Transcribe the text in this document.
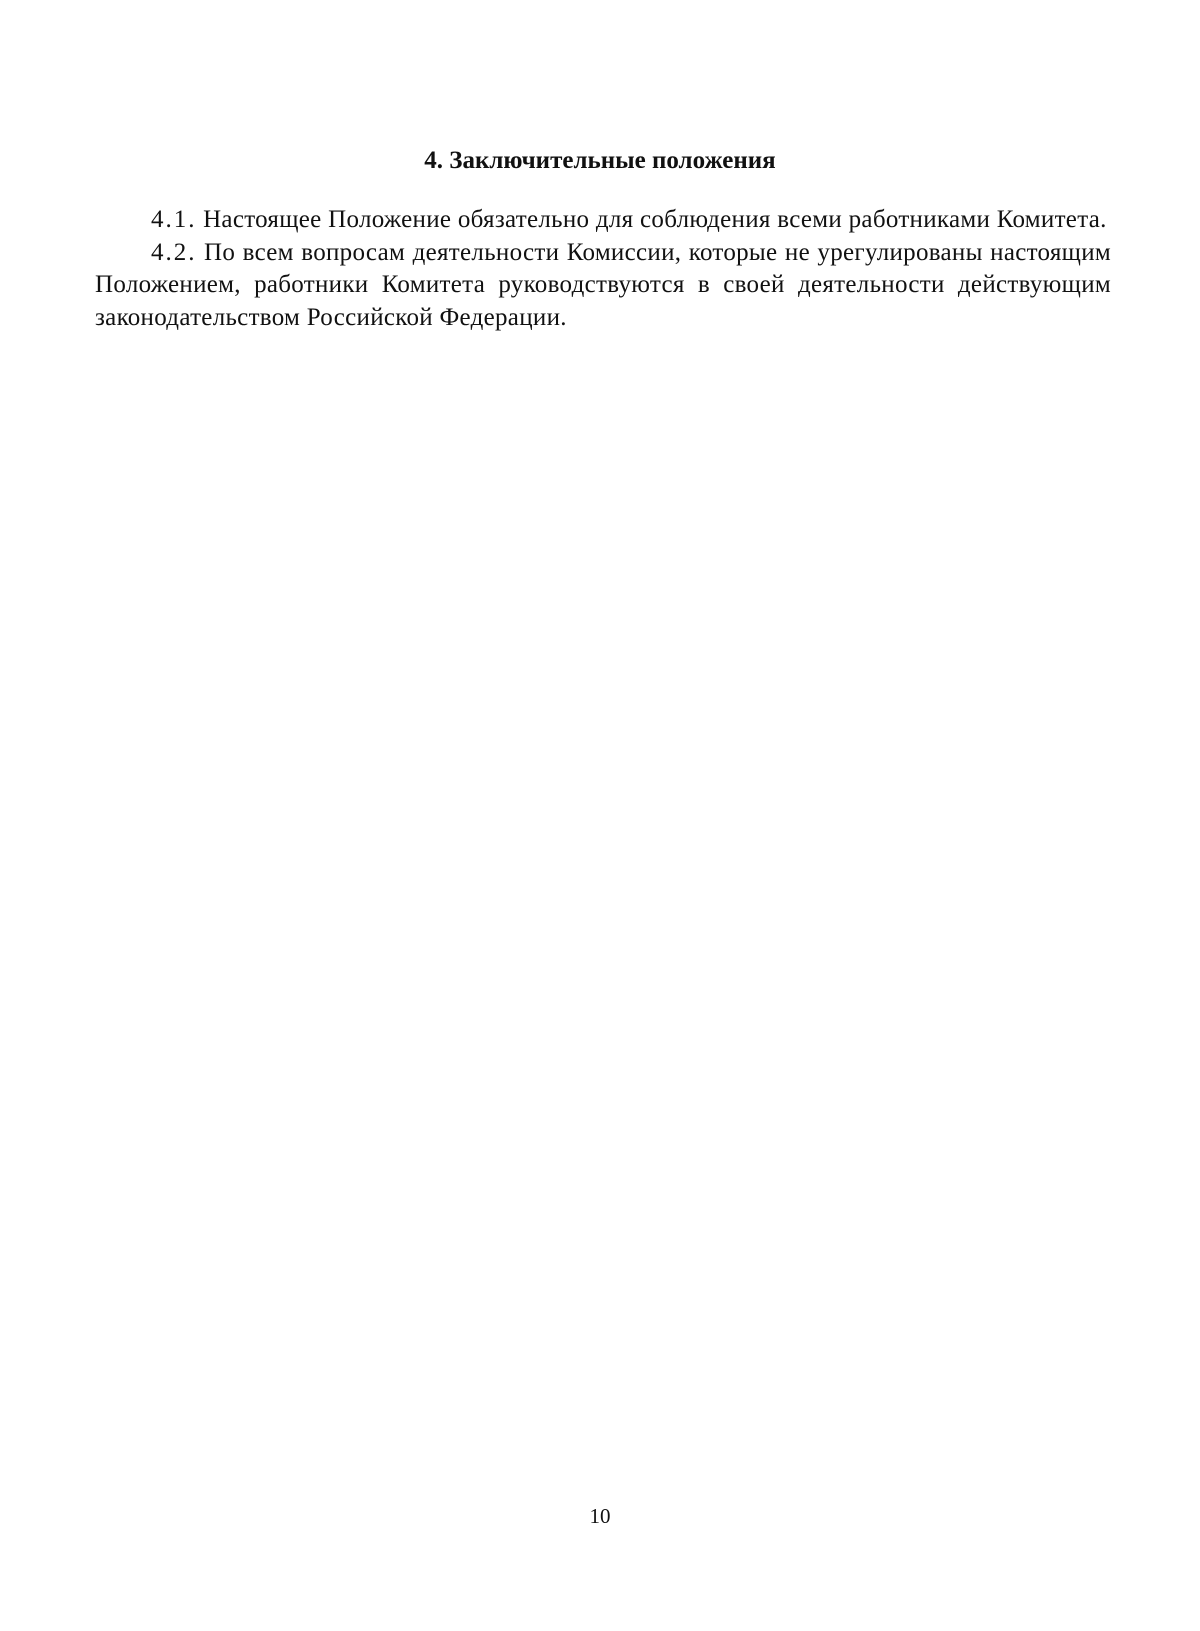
4. Заключительные положения

4.1. Настоящее Положение обязательно для соблюдения всеми работниками Комитета.

4.2. По всем вопросам деятельности Комиссии, которые не урегулированы настоящим Положением, работники Комитета руководствуются в своей деятельности действующим законодательством Российской Федерации.

10
